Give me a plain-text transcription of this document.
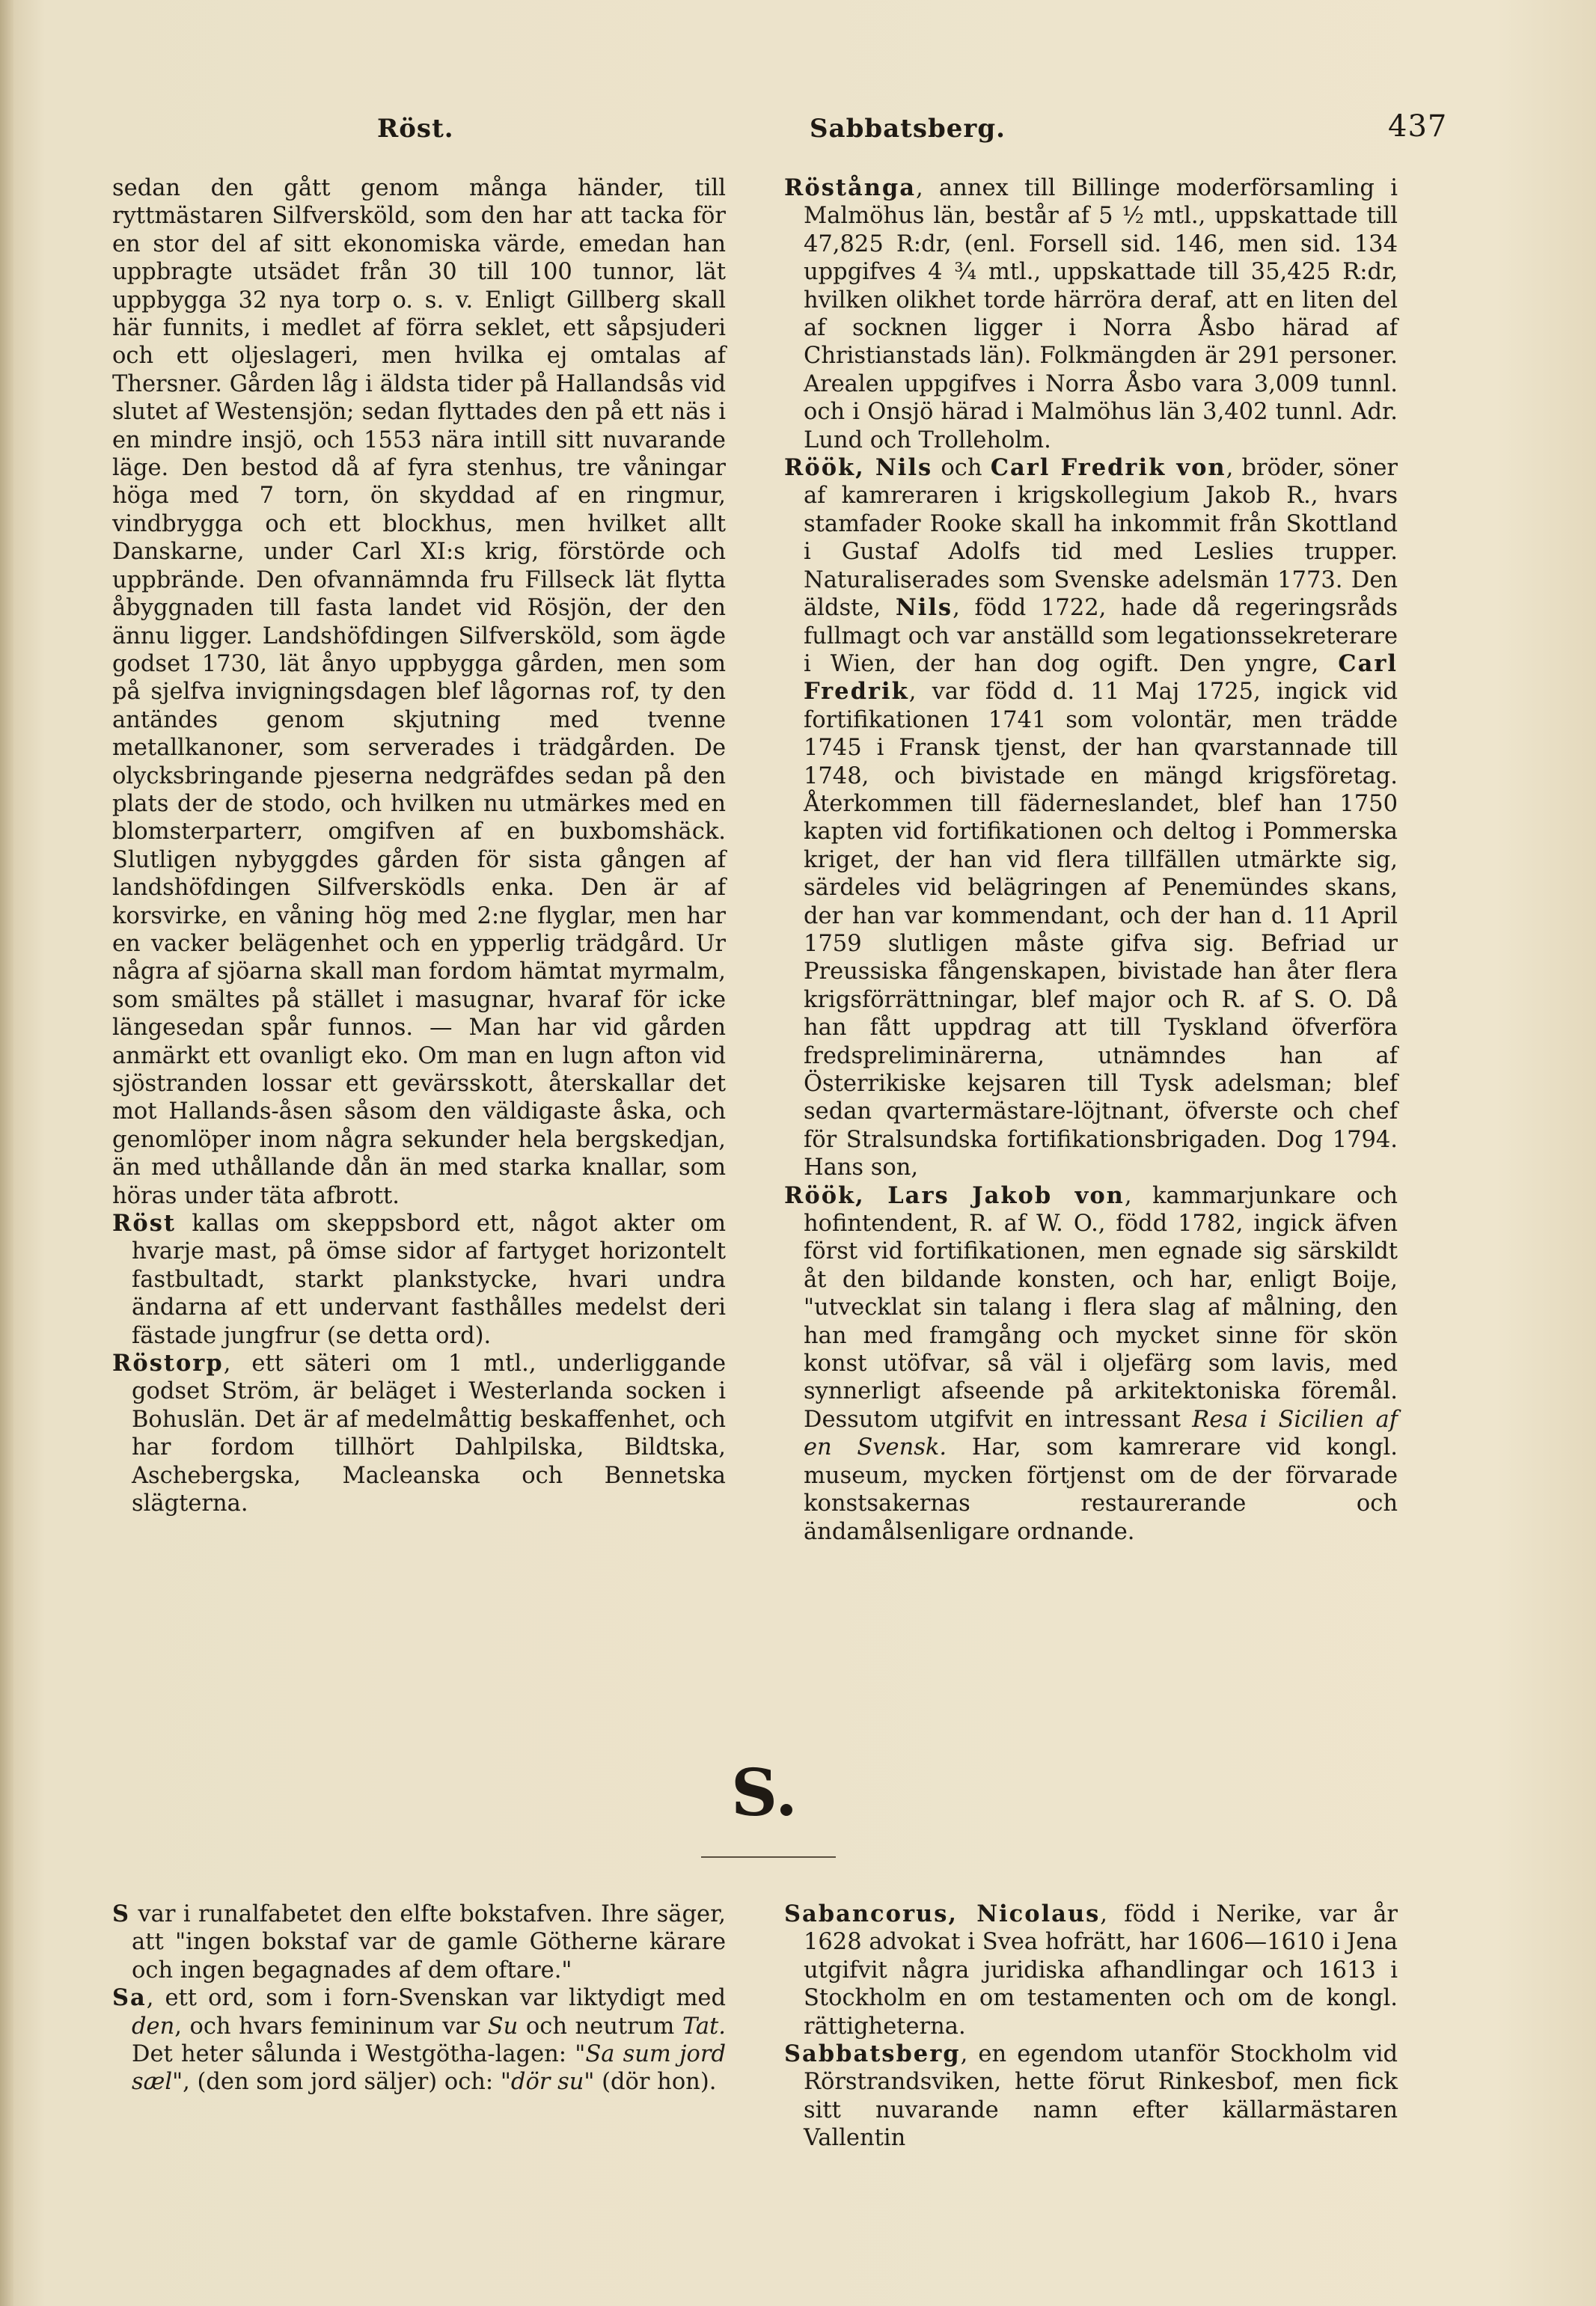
Röst.	Sabbatsberg.	437

sedan den gått genom många händer, till ryttmästaren Silfversköld, som den har att tacka för en stor del af sitt ekonomiska värde, emedan han uppbragte utsädet från 30 till 100 tunnor, lät uppbygga 32 nya torp o. s. v. Enligt Gillberg skall här funnits, i medlet af förra seklet, ett såpsjuderi och ett oljeslageri, men hvilka ej omtalas af Thersner. Gården låg i äldsta tider på Hallandsås vid slutet af Westensjön; sedan flyttades den på ett näs i en mindre insjö, och 1553 nära intill sitt nuvarande läge. Den bestod då af fyra stenhus, tre våningar höga med 7 torn, ön skyddad af en ringmur, vindbrygga och ett blockhus, men hvilket allt Danskarne, under Carl XI:s krig, förstörde och uppbrände. Den ofvannämnda fru Fillseck lät flytta åbyggnaden till fasta landet vid Rösjön, der den ännu ligger. Landshöfdingen Silfversköld, som ägde godset 1730, lät ånyo uppbygga gården, men som på sjelfva invigningsdagen blef lågornas rof, ty den antändes genom skjutning med tvenne metallkanoner, som serverades i trädgården. De olycksbringande pjeserna nedgräfdes sedan på den plats der de stodo, och hvilken nu utmärkes med en blomsterparterr, omgifven af en buxbomshäck. Slutligen nybyggdes gården för sista gången af landshöfdingen Silfversködls enka. Den är af korsvirke, en våning hög med 2:ne flyglar, men har en vacker belägenhet och en ypperlig trädgård. Ur några af sjöarna skall man fordom hämtat myrmalm, som smältes på stället i masugnar, hvaraf för icke längesedan spår funnos. — Man har vid gården anmärkt ett ovanligt eko. Om man en lugn afton vid sjöstranden lossar ett gevärsskott, återskallar det mot Hallands-åsen såsom den väldigaste åska, och genomlöper inom några sekunder hela bergskedjan, än med uthållande dån än med starka knallar, som höras under täta afbrott.

Röst kallas om skeppsbord ett, något akter om hvarje mast, på ömse sidor af fartyget horizontelt fastbultadt, starkt plankstycke, hvari undra ändarna af ett undervant fasthålles medelst deri fästade jungfrur (se detta ord).

Röstorp, ett säteri om 1 mtl., underliggande godset Ström, är beläget i Westerlanda socken i Bohuslän. Det är af medelmåttig beskaffenhet, och har fordom tillhört Dahlpilska, Bildtska, Aschebergska, Macleanska och Bennetska slägterna.

Röstånga, annex till Billinge moderförsamling i Malmöhus län, består af 5 ½ mtl., uppskattade till 47,825 R:dr, (enl. Forsell sid. 146, men sid. 134 uppgifves 4 ¾ mtl., uppskattade till 35,425 R:dr, hvilken olikhet torde härröra deraf, att en liten del af socknen ligger i Norra Åsbo härad af Christianstads län). Folkmängden är 291 personer. Arealen uppgifves i Norra Åsbo vara 3,009 tunnl. och i Onsjö härad i Malmöhus län 3,402 tunnl. Adr. Lund och Trolleholm.

Röök, Nils och Carl Fredrik von, bröder, söner af kamreraren i krigskollegium Jakob R., hvars stamfader Rooke skall ha inkommit från Skottland i Gustaf Adolfs tid med Leslies trupper. Naturaliserades som Svenske adelsmän 1773. Den äldste, Nils, född 1722, hade då regeringsråds fullmagt och var anställd som legationssekreterare i Wien, der han dog ogift. Den yngre, Carl Fredrik, var född d. 11 Maj 1725, ingick vid fortifikationen 1741 som volontär, men trädde 1745 i Fransk tjenst, der han qvarstannade till 1748, och bivistade en mängd krigsföretag. Återkommen till fäderneslandet, blef han 1750 kapten vid fortifikationen och deltog i Pommerska kriget, der han vid flera tillfällen utmärkte sig, särdeles vid belägringen af Penemündes skans, der han var kommendant, och der han d. 11 April 1759 slutligen måste gifva sig. Befriad ur Preussiska fångenskapen, bivistade han åter flera krigsförrättningar, blef major och R. af S. O. Då han fått uppdrag att till Tyskland öfverföra fredspreliminärerna, utnämndes han af Österrikiske kejsaren till Tysk adelsman; blef sedan qvartermästare-löjtnant, öfverste och chef för Stralsundska fortifikationsbrigaden. Dog 1794. Hans son,

Röök, Lars Jakob von, kammarjunkare och hofintendent, R. af W. O., född 1782, ingick äfven först vid fortifikationen, men egnade sig särskildt åt den bildande konsten, och har, enligt Boije, "utvecklat sin talang i flera slag af målning, den han med framgång och mycket sinne för skön konst utöfvar, så väl i oljefärg som lavis, med synnerligt afseende på arkitektoniska föremål. Dessutom utgifvit en intressant Resa i Sicilien af en Svensk. Har, som kamrerare vid kongl. museum, mycken förtjenst om de der förvarade konstsakernas restaurerande och ändamålsenligare ordnande.

S.

S var i runalfabetet den elfte bokstafven. Ihre säger, att "ingen bokstaf var de gamle Götherne kärare och ingen begagnades af dem oftare."

Sa, ett ord, som i forn-Svenskan var liktydigt med den, och hvars femininum var Su och neutrum Tat. Det heter sålunda i Westgötha-lagen: "Sa sum jord sæl", (den som jord säljer) och: "dör su" (dör hon).

Sabancorus, Nicolaus, född i Nerike, var år 1628 advokat i Svea hofrätt, har 1606—1610 i Jena utgifvit några juridiska afhandlingar och 1613 i Stockholm en om testamenten och om de kongl. rättigheterna.

Sabbatsberg, en egendom utanför Stockholm vid Rörstrandsviken, hette förut Rinkesbof, men fick sitt nuvarande namn efter källarmästaren Vallentin
